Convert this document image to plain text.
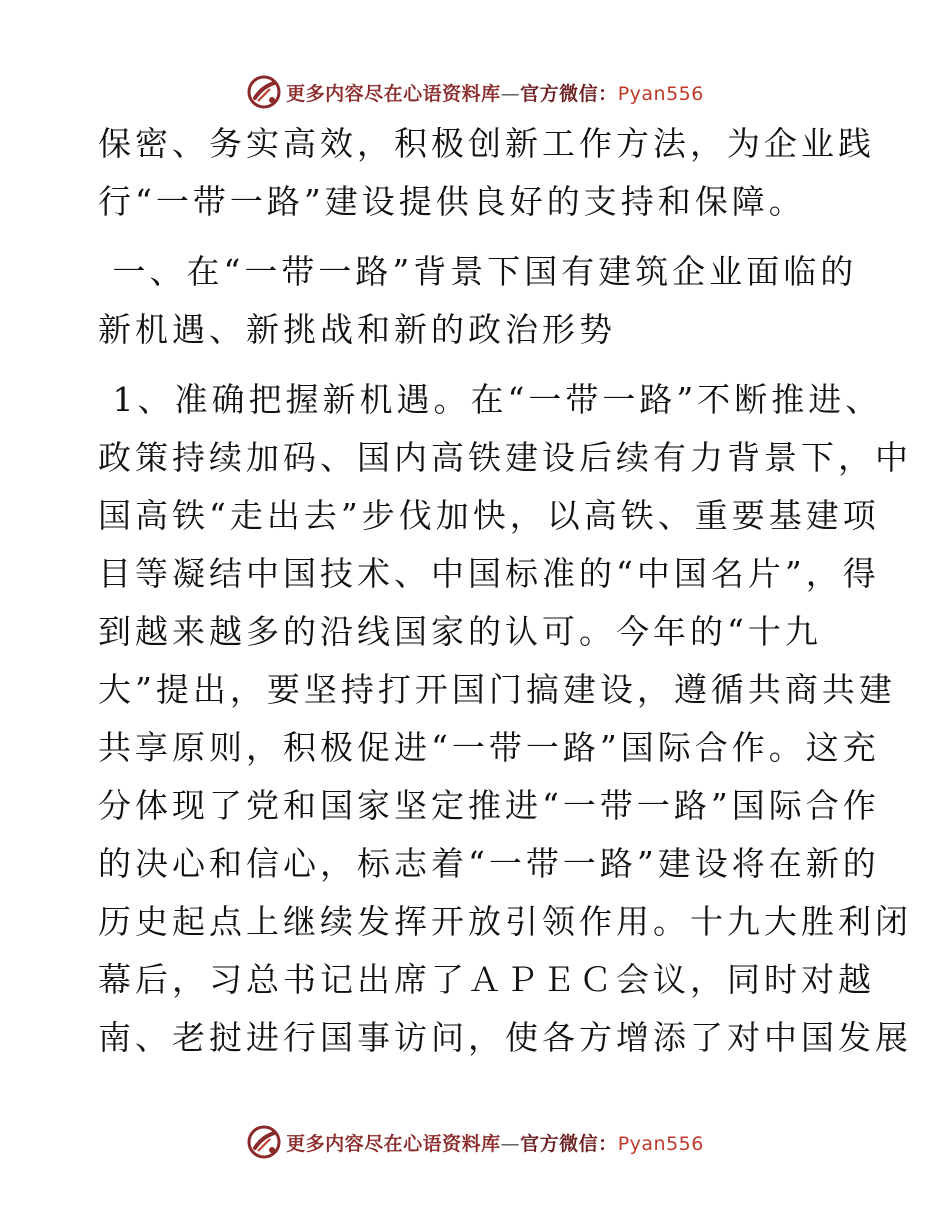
更多内容尽在心语资料库—官方微信：Pyan556

保密、务实高效，积极创新工作方法，为企业践
行“一带一路”建设提供良好的支持和保障。

一、在“一带一路”背景下国有建筑企业面临的
新机遇、新挑战和新的政治形势

1、准确把握新机遇。在“一带一路”不断推进、
政策持续加码、国内高铁建设后续有力背景下，中
国高铁“走出去”步伐加快，以高铁、重要基建项
目等凝结中国技术、中国标准的“中国名片”，得
到越来越多的沿线国家的认可。今年的“十九
大”提出，要坚持打开国门搞建设，遵循共商共建
共享原则，积极促进“一带一路”国际合作。这充
分体现了党和国家坚定推进“一带一路”国际合作
的决心和信心，标志着“一带一路”建设将在新的
历史起点上继续发挥开放引领作用。十九大胜利闭
幕后，习总书记出席了ＡＰＥＣ会议，同时对越
南、老挝进行国事访问，使各方增添了对中国发展

更多内容尽在心语资料库—官方微信：Pyan556
